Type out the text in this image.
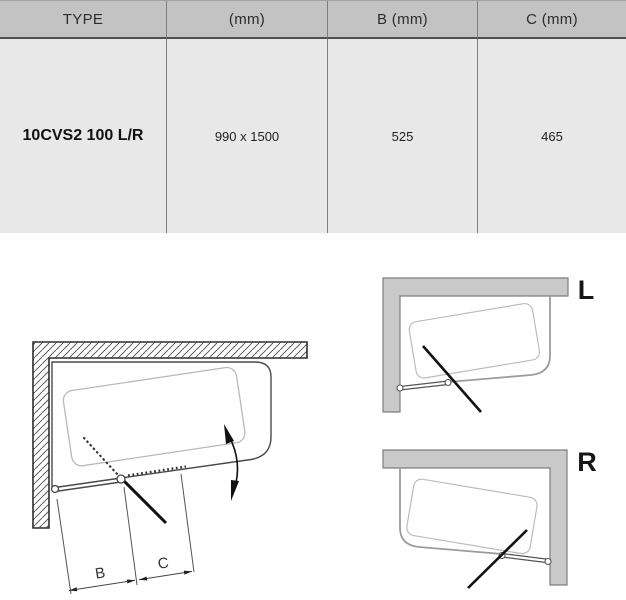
TYPE	(mm)	B (mm)	C (mm)
10CVS2 100 L/R	990 x 1500	525	465
B
C
L
R
